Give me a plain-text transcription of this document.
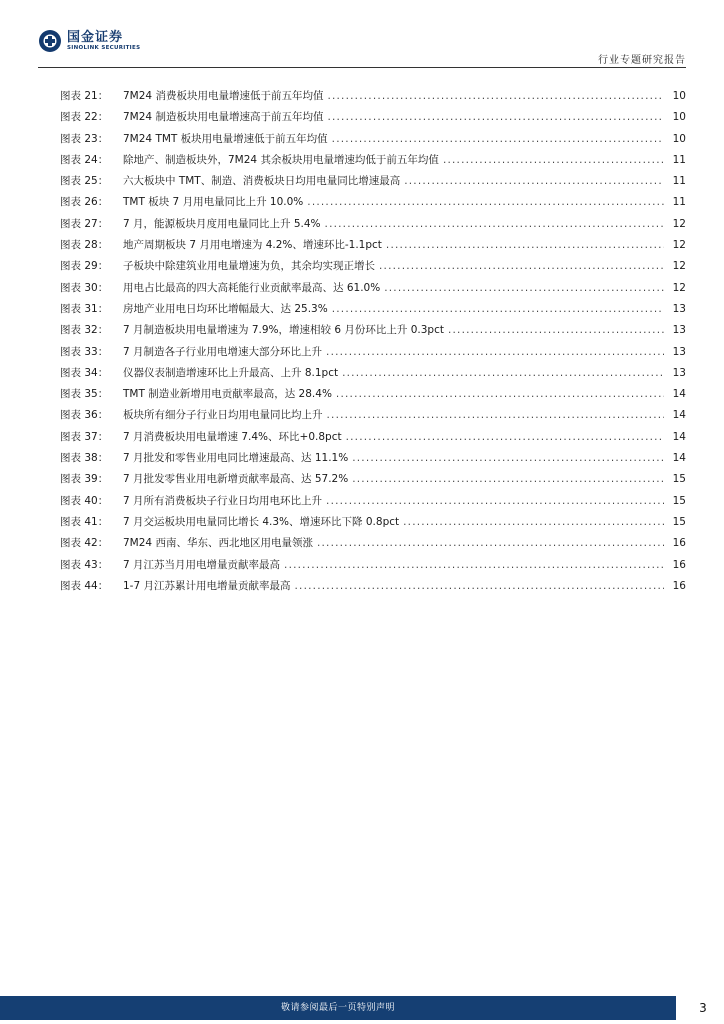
国金证券
SINOLINK SECURITIES
行业专题研究报告
图表 21：	7M24 消费板块用电量增速低于前五年均值 .....	10
图表 22：	7M24 制造板块用电量增速高于前五年均值 .....	10
图表 23：	7M24 TMT 板块用电量增速低于前五年均值 .....	10
图表 24：	除地产、制造板块外，7M24 其余板块用电量增速均低于前五年均值 .....	11
图表 25：	六大板块中 TMT、制造、消费板块日均用电量同比增速最高 .....	11
图表 26：	TMT 板块 7 月用电量同比上升 10.0% .....	11
图表 27：	7 月，能源板块月度用电量同比上升 5.4% .....	12
图表 28：	地产周期板块 7 月用电增速为 4.2%、增速环比-1.1pct .....	12
图表 29：	子板块中除建筑业用电量增速为负，其余均实现正增长 .....	12
图表 30：	用电占比最高的四大高耗能行业贡献率最高、达 61.0% .....	12
图表 31：	房地产业用电日均环比增幅最大、达 25.3% .....	13
图表 32：	7 月制造板块用电量增速为 7.9%，增速相较 6 月份环比上升 0.3pct .....	13
图表 33：	7 月制造各子行业用电增速大部分环比上升 .....	13
图表 34：	仪器仪表制造增速环比上升最高、上升 8.1pct .....	13
图表 35：	TMT 制造业新增用电贡献率最高，达 28.4% .....	14
图表 36：	板块所有细分子行业日均用电量同比均上升 .....	14
图表 37：	7 月消费板块用电量增速 7.4%、环比+0.8pct .....	14
图表 38：	7 月批发和零售业用电同比增速最高、达 11.1% .....	14
图表 39：	7 月批发零售业用电新增贡献率最高、达 57.2% .....	15
图表 40：	7 月所有消费板块子行业日均用电环比上升 .....	15
图表 41：	7 月交运板块用电量同比增长 4.3%、增速环比下降 0.8pct .....	15
图表 42：	7M24 西南、华东、西北地区用电量领涨 .....	16
图表 43：	7 月江苏当月用电增量贡献率最高 .....	16
图表 44：	1-7 月江苏累计用电增量贡献率最高 .....	16
敬请参阅最后一页特别声明	3
